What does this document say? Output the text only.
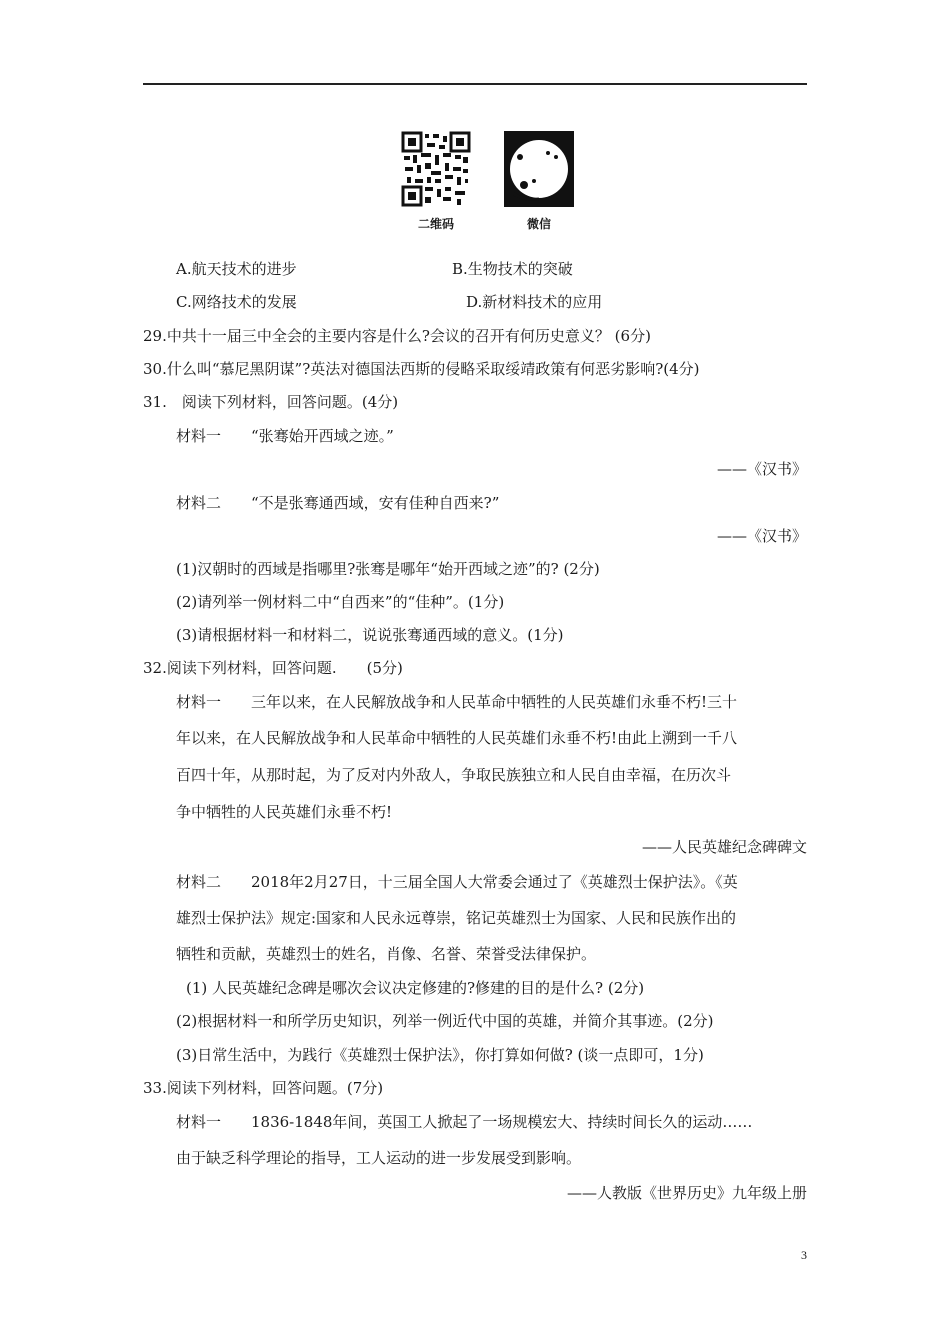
二维码	微信
A.航天技术的进步	B.生物技术的突破
C.网络技术的发展	D.新材料技术的应用
29.中共十一届三中全会的主要内容是什么?会议的召开有何历史意义？ (6分)
30.什么叫“慕尼黑阴谋”?英法对德国法西斯的侵略采取绥靖政策有何恶劣影响?(4分)
31.　阅读下列材料，回答问题。(4分)
材料一　　“张骞始开西域之迹。”
——《汉书》
材料二　　“不是张骞通西域，安有佳种自西来?”
——《汉书》
(1)汉朝时的西域是指哪里?张骞是哪年“始开西域之迹”的? (2分)
(2)请列举一例材料二中“自西来”的“佳种”。(1分)
(3)请根据材料一和材料二，说说张骞通西域的意义。(1分)
32.阅读下列材料，回答问题.　　(5分)
材料一　　三年以来，在人民解放战争和人民革命中牺牲的人民英雄们永垂不朽!三十
年以来，在人民解放战争和人民革命中牺牲的人民英雄们永垂不朽!由此上溯到一千八
百四十年，从那时起，为了反对内外敌人，争取民族独立和人民自由幸福，在历次斗
争中牺牲的人民英雄们永垂不朽!
——人民英雄纪念碑碑文
材料二　　2018年2月27日，十三届全国人大常委会通过了《英雄烈士保护法》。《英
雄烈士保护法》规定:国家和人民永远尊崇，铭记英雄烈士为国家、人民和民族作出的
牺牲和贡献，英雄烈士的姓名，肖像、名誉、荣誉受法律保护。
(1) 人民英雄纪念碑是哪次会议决定修建的?修建的目的是什么? (2分)
(2)根据材料一和所学历史知识，列举一例近代中国的英雄，并简介其事迹。(2分)
(3)日常生活中，为践行《英雄烈士保护法》，你打算如何做? (谈一点即可，1分)
33.阅读下列材料，回答问题。(7分)
材料一　　1836-1848年间，英国工人掀起了一场规模宏大、持续时间长久的运动……
由于缺乏科学理论的指导，工人运动的进一步发展受到影响。
——人教版《世界历史》九年级上册
3
